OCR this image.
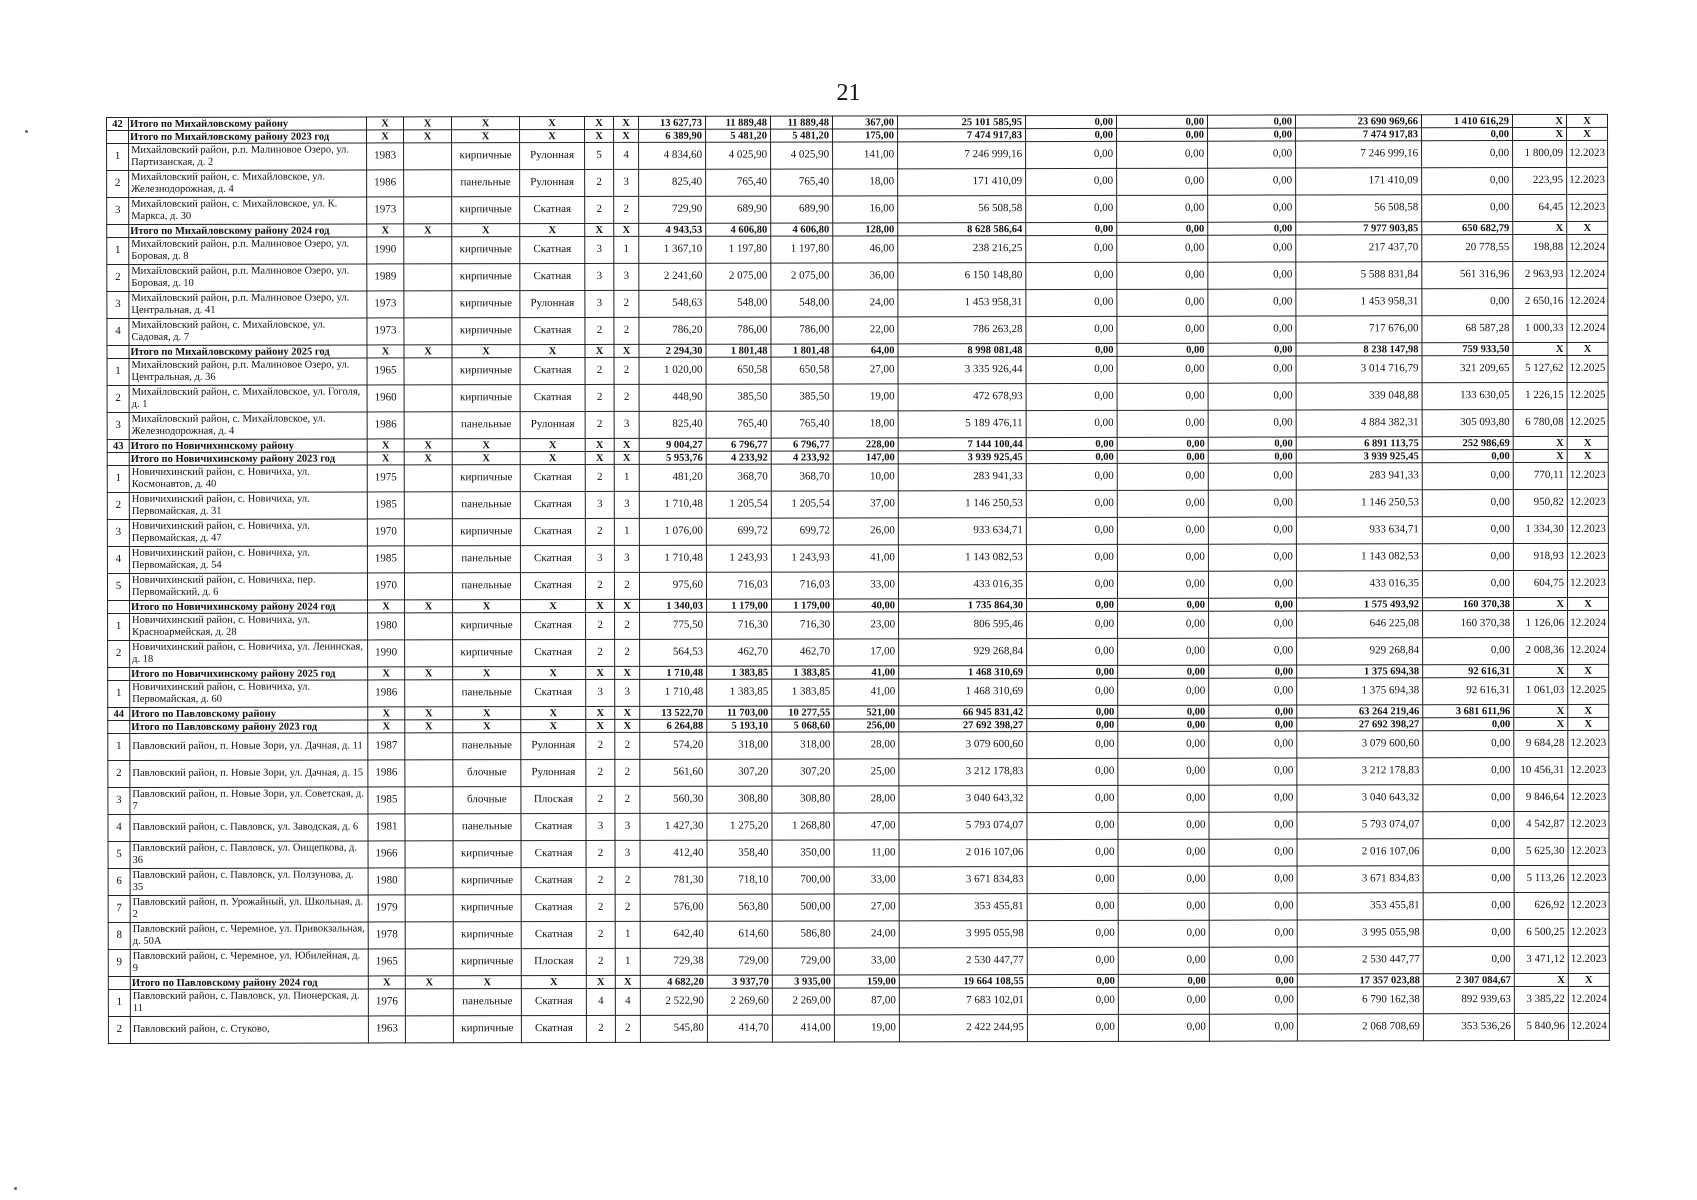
21
42	Итого по Михайловскому району	X	X	X	X	X	X	13 627,73	11 889,48	11 889,48	367,00	25 101 585,95	0,00	0,00	0,00	23 690 969,66	1 410 616,29	X	X
	Итого по Михайловскому району 2023 год	X	X	X	X	X	X	6 389,90	5 481,20	5 481,20	175,00	7 474 917,83	0,00	0,00	0,00	7 474 917,83	0,00	X	X
1	Михайловский район, р.п. Малиновое Озеро, ул. Партизанская, д. 2	1983		кирпичные	Рулонная	5	4	4 834,60	4 025,90	4 025,90	141,00	7 246 999,16	0,00	0,00	0,00	7 246 999,16	0,00	1 800,09	12.2023
2	Михайловский район, с. Михайловское, ул. Железнодорожная, д. 4	1986		панельные	Рулонная	2	3	825,40	765,40	765,40	18,00	171 410,09	0,00	0,00	0,00	171 410,09	0,00	223,95	12.2023
3	Михайловский район, с. Михайловское, ул. К. Маркса, д. 30	1973		кирпичные	Скатная	2	2	729,90	689,90	689,90	16,00	56 508,58	0,00	0,00	0,00	56 508,58	0,00	64,45	12.2023
	Итого по Михайловскому району 2024 год	X	X	X	X	X	X	4 943,53	4 606,80	4 606,80	128,00	8 628 586,64	0,00	0,00	0,00	7 977 903,85	650 682,79	X	X
1	Михайловский район, р.п. Малиновое Озеро, ул. Боровая, д. 8	1990		кирпичные	Скатная	3	1	1 367,10	1 197,80	1 197,80	46,00	238 216,25	0,00	0,00	0,00	217 437,70	20 778,55	198,88	12.2024
2	Михайловский район, р.п. Малиновое Озеро, ул. Боровая, д. 10	1989		кирпичные	Скатная	3	3	2 241,60	2 075,00	2 075,00	36,00	6 150 148,80	0,00	0,00	0,00	5 588 831,84	561 316,96	2 963,93	12.2024
3	Михайловский район, р.п. Малиновое Озеро, ул. Центральная, д. 41	1973		кирпичные	Рулонная	3	2	548,63	548,00	548,00	24,00	1 453 958,31	0,00	0,00	0,00	1 453 958,31	0,00	2 650,16	12.2024
4	Михайловский район, с. Михайловское, ул. Садовая, д. 7	1973		кирпичные	Скатная	2	2	786,20	786,00	786,00	22,00	786 263,28	0,00	0,00	0,00	717 676,00	68 587,28	1 000,33	12.2024
	Итого по Михайловскому району 2025 год	X	X	X	X	X	X	2 294,30	1 801,48	1 801,48	64,00	8 998 081,48	0,00	0,00	0,00	8 238 147,98	759 933,50	X	X
1	Михайловский район, р.п. Малиновое Озеро, ул. Центральная, д. 36	1965		кирпичные	Скатная	2	2	1 020,00	650,58	650,58	27,00	3 335 926,44	0,00	0,00	0,00	3 014 716,79	321 209,65	5 127,62	12.2025
2	Михайловский район, с. Михайловское, ул. Гоголя, д. 1	1960		кирпичные	Скатная	2	2	448,90	385,50	385,50	19,00	472 678,93	0,00	0,00	0,00	339 048,88	133 630,05	1 226,15	12.2025
3	Михайловский район, с. Михайловское, ул. Железнодорожная, д. 4	1986		панельные	Рулонная	2	3	825,40	765,40	765,40	18,00	5 189 476,11	0,00	0,00	0,00	4 884 382,31	305 093,80	6 780,08	12.2025
43	Итого по Новичихинскому району	X	X	X	X	X	X	9 004,27	6 796,77	6 796,77	228,00	7 144 100,44	0,00	0,00	0,00	6 891 113,75	252 986,69	X	X
	Итого по Новичихинскому району 2023 год	X	X	X	X	X	X	5 953,76	4 233,92	4 233,92	147,00	3 939 925,45	0,00	0,00	0,00	3 939 925,45	0,00	X	X
1	Новичихинский район, с. Новичиха, ул. Космонавтов, д. 40	1975		кирпичные	Скатная	2	1	481,20	368,70	368,70	10,00	283 941,33	0,00	0,00	0,00	283 941,33	0,00	770,11	12.2023
2	Новичихинский район, с. Новичиха, ул. Первомайская, д. 31	1985		панельные	Скатная	3	3	1 710,48	1 205,54	1 205,54	37,00	1 146 250,53	0,00	0,00	0,00	1 146 250,53	0,00	950,82	12.2023
3	Новичихинский район, с. Новичиха, ул. Первомайская, д. 47	1970		кирпичные	Скатная	2	1	1 076,00	699,72	699,72	26,00	933 634,71	0,00	0,00	0,00	933 634,71	0,00	1 334,30	12.2023
4	Новичихинский район, с. Новичиха, ул. Первомайская, д. 54	1985		панельные	Скатная	3	3	1 710,48	1 243,93	1 243,93	41,00	1 143 082,53	0,00	0,00	0,00	1 143 082,53	0,00	918,93	12.2023
5	Новичихинский район, с. Новичиха, пер. Первомайский, д. 6	1970		панельные	Скатная	2	2	975,60	716,03	716,03	33,00	433 016,35	0,00	0,00	0,00	433 016,35	0,00	604,75	12.2023
	Итого по Новичихинскому району 2024 год	X	X	X	X	X	X	1 340,03	1 179,00	1 179,00	40,00	1 735 864,30	0,00	0,00	0,00	1 575 493,92	160 370,38	X	X
1	Новичихинский район, с. Новичиха, ул. Красноармейская, д. 28	1980		кирпичные	Скатная	2	2	775,50	716,30	716,30	23,00	806 595,46	0,00	0,00	0,00	646 225,08	160 370,38	1 126,06	12.2024
2	Новичихинский район, с. Новичиха, ул. Ленинская, д. 18	1990		кирпичные	Скатная	2	2	564,53	462,70	462,70	17,00	929 268,84	0,00	0,00	0,00	929 268,84	0,00	2 008,36	12.2024
	Итого по Новичихинскому району 2025 год	X	X	X	X	X	X	1 710,48	1 383,85	1 383,85	41,00	1 468 310,69	0,00	0,00	0,00	1 375 694,38	92 616,31	X	X
1	Новичихинский район, с. Новичиха, ул. Первомайская, д. 60	1986		панельные	Скатная	3	3	1 710,48	1 383,85	1 383,85	41,00	1 468 310,69	0,00	0,00	0,00	1 375 694,38	92 616,31	1 061,03	12.2025
44	Итого по Павловскому району	X	X	X	X	X	X	13 522,70	11 703,00	10 277,55	521,00	66 945 831,42	0,00	0,00	0,00	63 264 219,46	3 681 611,96	X	X
	Итого по Павловскому району 2023 год	X	X	X	X	X	X	6 264,88	5 193,10	5 068,60	256,00	27 692 398,27	0,00	0,00	0,00	27 692 398,27	0,00	X	X
1	Павловский район, п. Новые Зори, ул. Дачная, д. 11	1987		панельные	Рулонная	2	2	574,20	318,00	318,00	28,00	3 079 600,60	0,00	0,00	0,00	3 079 600,60	0,00	9 684,28	12.2023
2	Павловский район, п. Новые Зори, ул. Дачная, д. 15	1986		блочные	Рулонная	2	2	561,60	307,20	307,20	25,00	3 212 178,83	0,00	0,00	0,00	3 212 178,83	0,00	10 456,31	12.2023
3	Павловский район, п. Новые Зори, ул. Советская, д. 7	1985		блочные	Плоская	2	2	560,30	308,80	308,80	28,00	3 040 643,32	0,00	0,00	0,00	3 040 643,32	0,00	9 846,64	12.2023
4	Павловский район, с. Павловск, ул. Заводская, д. 6	1981		панельные	Скатная	3	3	1 427,30	1 275,20	1 268,80	47,00	5 793 074,07	0,00	0,00	0,00	5 793 074,07	0,00	4 542,87	12.2023
5	Павловский район, с. Павловск, ул. Оищепкова, д. 36	1966		кирпичные	Скатная	2	3	412,40	358,40	350,00	11,00	2 016 107,06	0,00	0,00	0,00	2 016 107,06	0,00	5 625,30	12.2023
6	Павловский район, с. Павловск, ул. Ползунова, д. 35	1980		кирпичные	Скатная	2	2	781,30	718,10	700,00	33,00	3 671 834,83	0,00	0,00	0,00	3 671 834,83	0,00	5 113,26	12.2023
7	Павловский район, п. Урожайный, ул. Школьная, д. 2	1979		кирпичные	Скатная	2	2	576,00	563,80	500,00	27,00	353 455,81	0,00	0,00	0,00	353 455,81	0,00	626,92	12.2023
8	Павловский район, с. Черемное, ул. Привокзальная, д. 50А	1978		кирпичные	Скатная	2	1	642,40	614,60	586,80	24,00	3 995 055,98	0,00	0,00	0,00	3 995 055,98	0,00	6 500,25	12.2023
9	Павловский район, с. Черемное, ул. Юбилейная, д. 9	1965		кирпичные	Плоская	2	1	729,38	729,00	729,00	33,00	2 530 447,77	0,00	0,00	0,00	2 530 447,77	0,00	3 471,12	12.2023
	Итого по Павловскому району 2024 год	X	X	X	X	X	X	4 682,20	3 937,70	3 935,00	159,00	19 664 108,55	0,00	0,00	0,00	17 357 023,88	2 307 084,67	X	X
1	Павловский район, с. Павловск, ул. Пионерская, д. 11	1976		панельные	Скатная	4	4	2 522,90	2 269,60	2 269,00	87,00	7 683 102,01	0,00	0,00	0,00	6 790 162,38	892 939,63	3 385,22	12.2024
2	Павловский район, с. Стуково,	1963		кирпичные	Скатная	2	2	545,80	414,70	414,00	19,00	2 422 244,95	0,00	0,00	0,00	2 068 708,69	353 536,26	5 840,96	12.2024
